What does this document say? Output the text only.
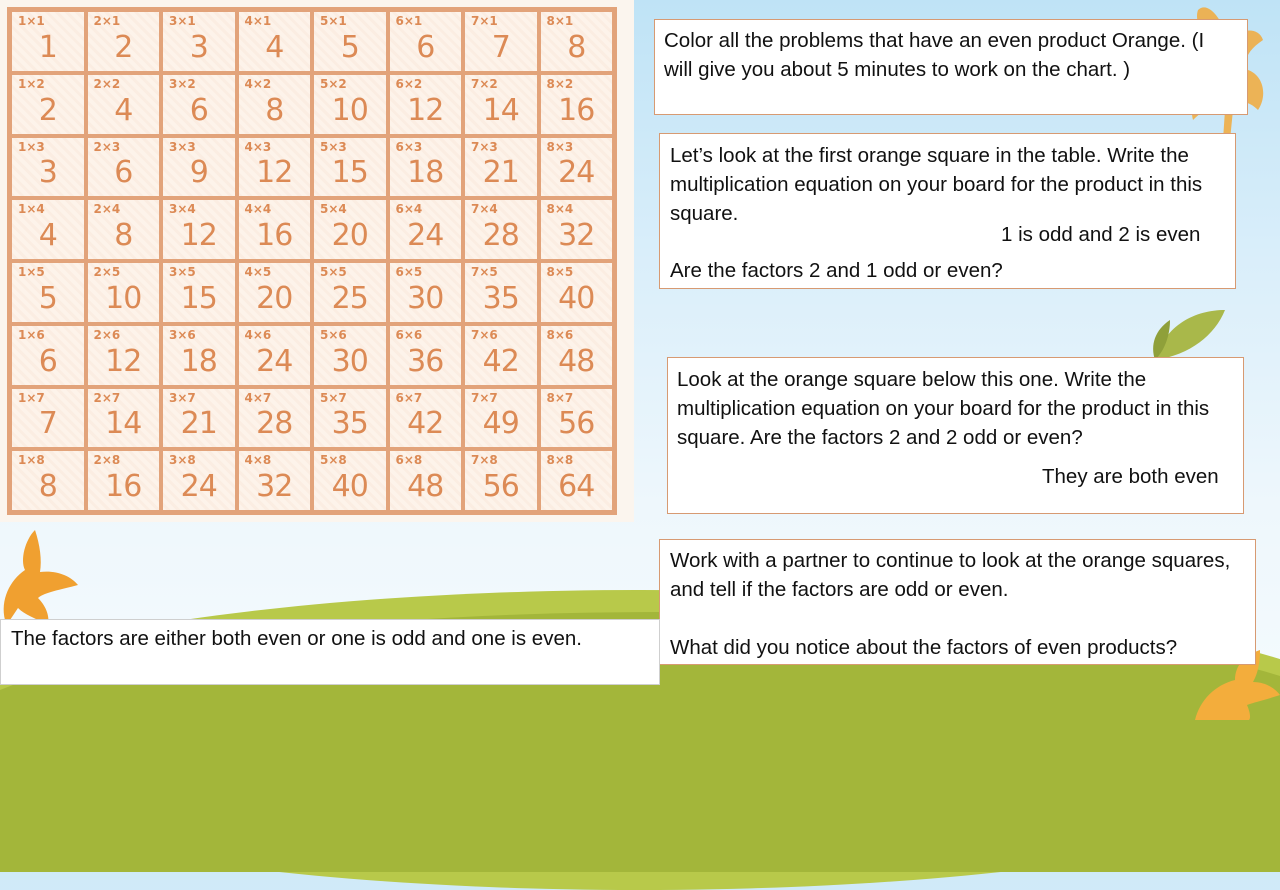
1×1
1
2×1
2
3×1
3
4×1
4
5×1
5
6×1
6
7×1
7
8×1
8
1×2
2
2×2
4
3×2
6
4×2
8
5×2
10
6×2
12
7×2
14
8×2
16
1×3
3
2×3
6
3×3
9
4×3
12
5×3
15
6×3
18
7×3
21
8×3
24
1×4
4
2×4
8
3×4
12
4×4
16
5×4
20
6×4
24
7×4
28
8×4
32
1×5
5
2×5
10
3×5
15
4×5
20
5×5
25
6×5
30
7×5
35
8×5
40
1×6
6
2×6
12
3×6
18
4×6
24
5×6
30
6×6
36
7×6
42
8×6
48
1×7
7
2×7
14
3×7
21
4×7
28
5×7
35
6×7
42
7×7
49
8×7
56
1×8
8
2×8
16
3×8
24
4×8
32
5×8
40
6×8
48
7×8
56
8×8
64

Color all the problems that have an even product Orange. (I will give you about 5 minutes to work on the chart. )

Let’s look at the first orange square in the table. Write the multiplication equation on your board for the product in this square.

1 is odd and 2 is even
Are the factors 2 and 1 odd or even?

Look at the orange square below this one. Write the multiplication equation on your board for the product in this square. Are the factors 2 and 2 odd or even?

They are both even

Work with a partner to continue to look at the orange squares, and tell if the factors are odd or even.

What did you notice about the factors of even products?

The factors are either both even or one is odd and one is even.
